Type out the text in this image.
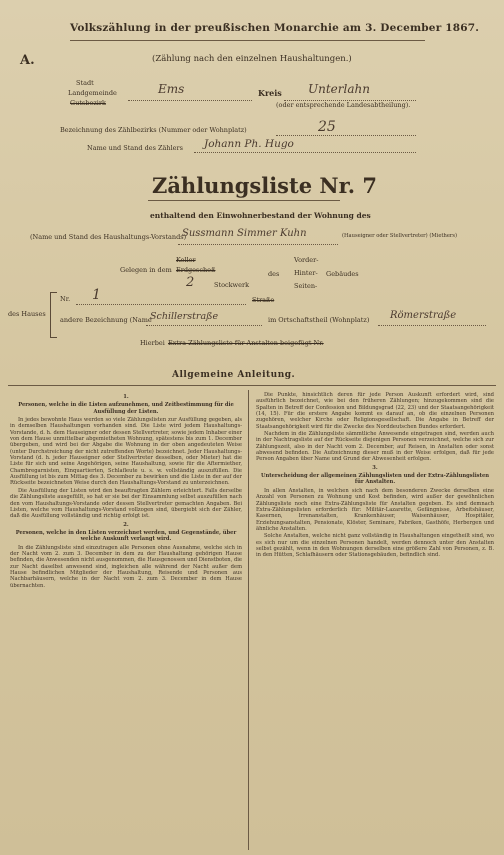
A.
Volkszählung in der preußischen Monarchie am 3. December 1867.
(Zählung nach den einzelnen Haushaltungen.)
Stadt
Landgemeinde
Gutsbezirk
Ems	Kreis Unterlahn
(oder entsprechende Landesabtheilung).
Bezeichnung des Zählbezirks (Nummer oder Wohnplatz)	25
Name und Stand des Zählers Johann Ph. Hugo
Zählungsliste Nr. 7
enthaltend den Einwohnerbestand der Wohnung des
(Name und Stand des Haushaltungs-Vorstands)
Sussmann Simmer Kuhn	(Hauseigner oder Stellvertreter) (Miethers)
Keller
Gelegen in dem Erdgeschoß
2	Stockwerk
des
Vorder-
Hinter-
Seiten-
Gebäudes
des Hauses
Nr. 1	Straße
andere Bezeichnung (Name
Schillerstraße	im Ortschaftstheil (Wohnplatz) Römerstraße
Hierbei Extra-Zählungsliste für Anstalten beigefügt Nr.
Allgemeine Anleitung.

1.

Personen, welche in die Listen aufzunehmen, und Zeitbestimmung für die Ausfüllung der Listen.

In jedes bewohnte Haus werden so viele Zählungslisten zur Ausfüllung gegeben, als in demselben Haushaltungen vorhanden sind. Die Liste wird jedem Haushaltungs-Vorstande, d. h. dem Hauseigner oder dessen Stellvertreter, sowie jedem Inhaber einer von dem Hause unmittelbar abgemietheten Wohnung, spätestens bis zum 1. December übergeben, und wird bei der Abgabe die Wohnung in der oben angedeuteten Weise (unter Durchstreichung der nicht zutreffenden Worte) bezeichnet. Jeder Haushaltungs-Vorstand (d. h. jeder Hauseigner oder Stellvertreter desselben, oder Mieter) hat die Liste für sich und seine Angehörigen, seine Haushaltung, sowie für die Aftermiether, Chambregarnisten, Einquartierten, Schlafleute u. s. w. vollständig auszufüllen. Die Ausfüllung ist bis zum Mittag des 3. December zu bewirken und die Liste in der auf der Rückseite bezeichneten Weise durch den Haushaltungs-Vorstand zu unterzeichnen.

Die Ausfüllung der Listen wird den beauftragten Zählern erleichtert. Falls derselbe die Zählungsliste ausgefüllt, so hat er sie bei der Einsammlung selbst auszufüllen nach den vom Haushaltungs-Vorstande oder dessen Stellvertreter gemachten Angaben. Bei Listen, welche vom Haushaltungs-Vorstand vollzogen sind, übergiebt sich der Zähler, daß die Ausfüllung vollständig und richtig erfolgt ist.

2.

Personen, welche in den Listen verzeichnet werden, und Gegenstände, über welche Auskunft verlangt wird.

In die Zählungsliste sind einzutragen alle Personen ohne Ausnahme, welche sich in der Nacht vom 2. zum 3. December in dem zu der Haushaltung gehörigen Hause befinden, die Anwesenden nicht ausgenommen, die Hausgenossen und Dienstboten, die zur Nacht daselbst anwesend sind, ingleichen alle während der Nacht außer dem Hause befindlichen Mitglieder der Haushaltung, Reisende und Personen aus Nachbarhäusern, welche in der Nacht vom 2. zum 3. December in dem Hause übernachten.

Die Punkte, hinsichtlich deren für jede Person Auskunft erfordert wird, sind ausführlich bezeichnet, wie bei den früheren Zählungen; hinzugekommen sind die Spalten in Betreff der Confession und Bildungsgrad (22, 23) und der Staatsangehörigkeit (14, 15). Für die erstere Angabe kommt es darauf an, ob die einzelnen Personen zugehören, welcher Kirche oder Religionsgesellschaft. Die Angabe in Betreff der Staatsangehörigkeit wird für die Zwecke des Norddeutschen Bundes erfordert.

Nachdem in die Zählungsliste sämmtliche Anwesende eingetragen sind, werden auch in der Nachtragsliste auf der Rückseite diejenigen Personen verzeichnet, welche sich zur Zählungszeit, also in der Nacht vom 2. December, auf Reisen, in Anstalten oder sonst abwesend befinden. Die Aufzeichnung dieser muß in der Weise erfolgen, daß für jede Person Angaben über Name und Grund der Abwesenheit erfolgen.

3.

Unterscheidung der allgemeinen Zählungslisten und der Extra-Zählungslisten für Anstalten.

In allen Anstalten, in welchen sich nach dem besonderen Zwecke derselben eine Anzahl von Personen zu Wohnung und Kost befinden, wird außer der gewöhnlichen Zählungsliste noch eine Extra-Zählungsliste für Anstalten gegeben. Es sind demnach Extra-Zählungslisten erforderlich für: Militär-Lazarette, Gefängnisse, Arbeitshäuser, Kasernen, Irrenanstalten, Krankenhäuser, Waisenhäuser, Hospitäler, Erziehungsanstalten, Pensionate, Klöster, Seminare, Fabriken, Gasthöfe, Herbergen und ähnliche Anstalten.

Solche Anstalten, welche nicht ganz vollständig in Haushaltungen eingetheilt sind, wo es sich nur um die einzelnen Personen handelt, werden dennoch unter den Anstalten selbst gezählt, wenn in den Wohnungen derselben eine größere Zahl von Personen, z. B. in den Hütten, Schlafhäusern oder Stationsgebäuden, befindlich sind.
